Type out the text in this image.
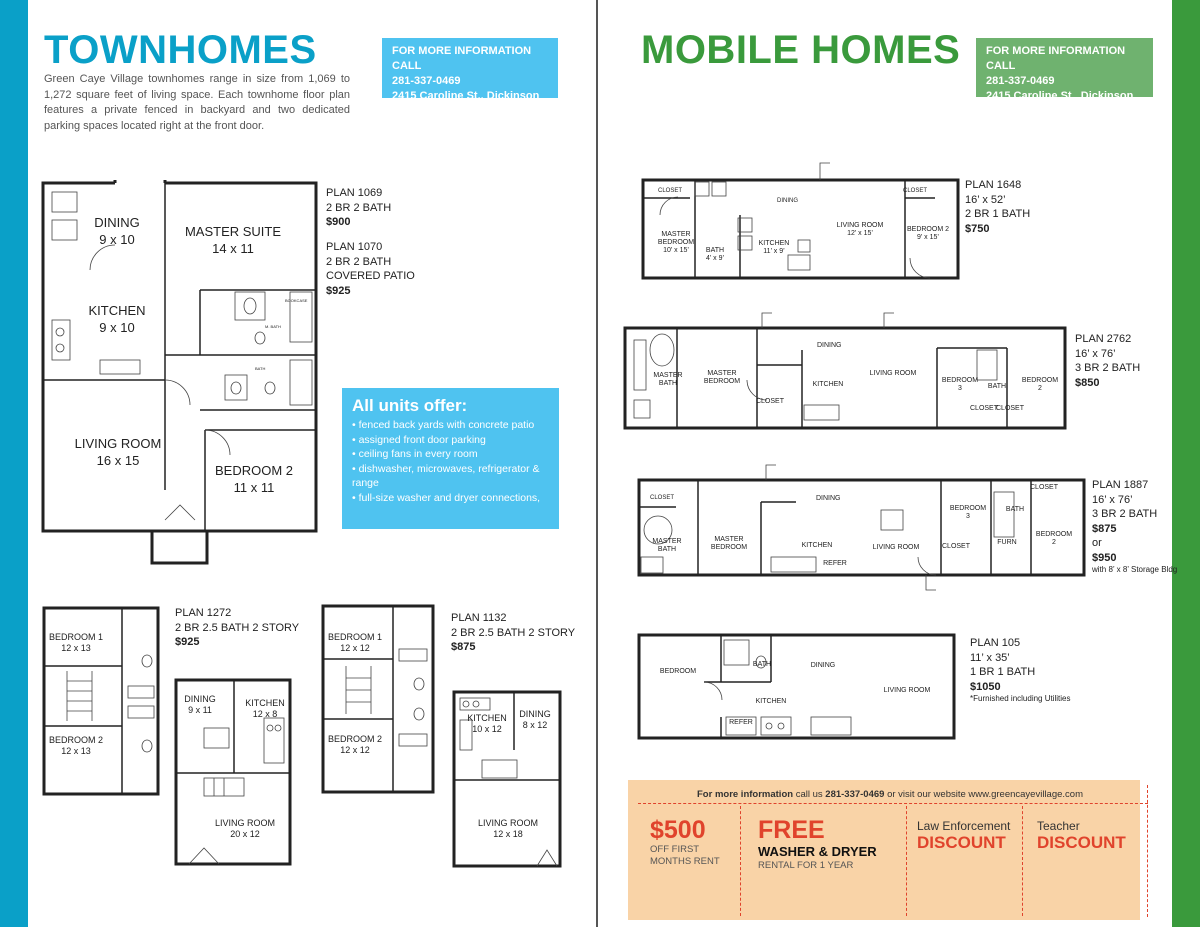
TOWNHOMES	FOR MORE INFORMATION CALL
281-337-0469
2415 Caroline St., Dickinson
Green Caye Village townhomes range in size from 1,069 to 1,272 square feet of living space. Each townhome floor plan features a private fenced in backyard and two dedicated parking spaces located right at the front door.
BOOKCASE
M. BATH
BATH
DINING
9 x 10
MASTER SUITE
14 x 11
KITCHEN
9 x 10
LIVING ROOM
16 x 15
BEDROOM 2
11 x 11
PLAN 1069
2 BR 2 BATH
$900
PLAN 1070
2 BR 2 BATH
COVERED PATIO
$925
All units offer:
• fenced back yards with concrete patio
• assigned front door parking
• ceiling fans in every room
• dishwasher, microwaves, refrigerator & range
• full-size washer and dryer connections,
BEDROOM 1
12 x 13
BEDROOM 2
12 x 13
DINING
9 x 11
KITCHEN
12 x 8
LIVING ROOM
20 x 12
PLAN 1272
2 BR 2.5 BATH 2 STORY
$925	BEDROOM 1
12 x 12
BEDROOM 2
12 x 12
KITCHEN
10 x 12
DINING
8 x 12
LIVING ROOM
12 x 18
PLAN 1132
2 BR 2.5 BATH 2 STORY
$875
MOBILE HOMES FOR MORE INFORMATION CALL
281-337-0469
2415 Caroline St., Dickinson
CLOSET
DINING
CLOSET
MASTER BEDROOM
10’ x 15’	BATH
4’ x 9’
KITCHEN
11’ x 9’
LIVING ROOM
12’ x 15’
BEDROOM 2
9’ x 15’
PLAN 1648
16’ x 52’
2 BR 1 BATH
$750
DINING
MASTER BATH
MASTER BEDROOM
CLOSET
KITCHEN
LIVING ROOM
BEDROOM 3	BATH
CLOSET
CLOSET
BEDROOM 2
PLAN 2762
16’ x 76’
3 BR 2 BATH
$850
DINING
CLOSET
MASTER BATH
MASTER BEDROOM	KITCHEN	LIVING ROOM
BEDROOM 3
BATH
CLOSET
CLOSET
FURN
REFER
BEDROOM 2
PLAN 1887
16’ x 76’
3 BR 2 BATH
$875
or
$950
with 8’ x 8’ Storage Bldg
BEDROOM
BATH	DINING
KITCHEN
LIVING ROOM
REFER
PLAN 105
11’ x 35’
1 BR 1 BATH
$1050
*Furnished including Utilities
For more information call us 281-337-0469 or visit our website www.greencayevillage.com
$500
OFF FIRST
MONTHS RENT
FREE
WASHER & DRYER
RENTAL FOR 1 YEAR
Law Enforcement
DISCOUNT
Teacher
DISCOUNT
